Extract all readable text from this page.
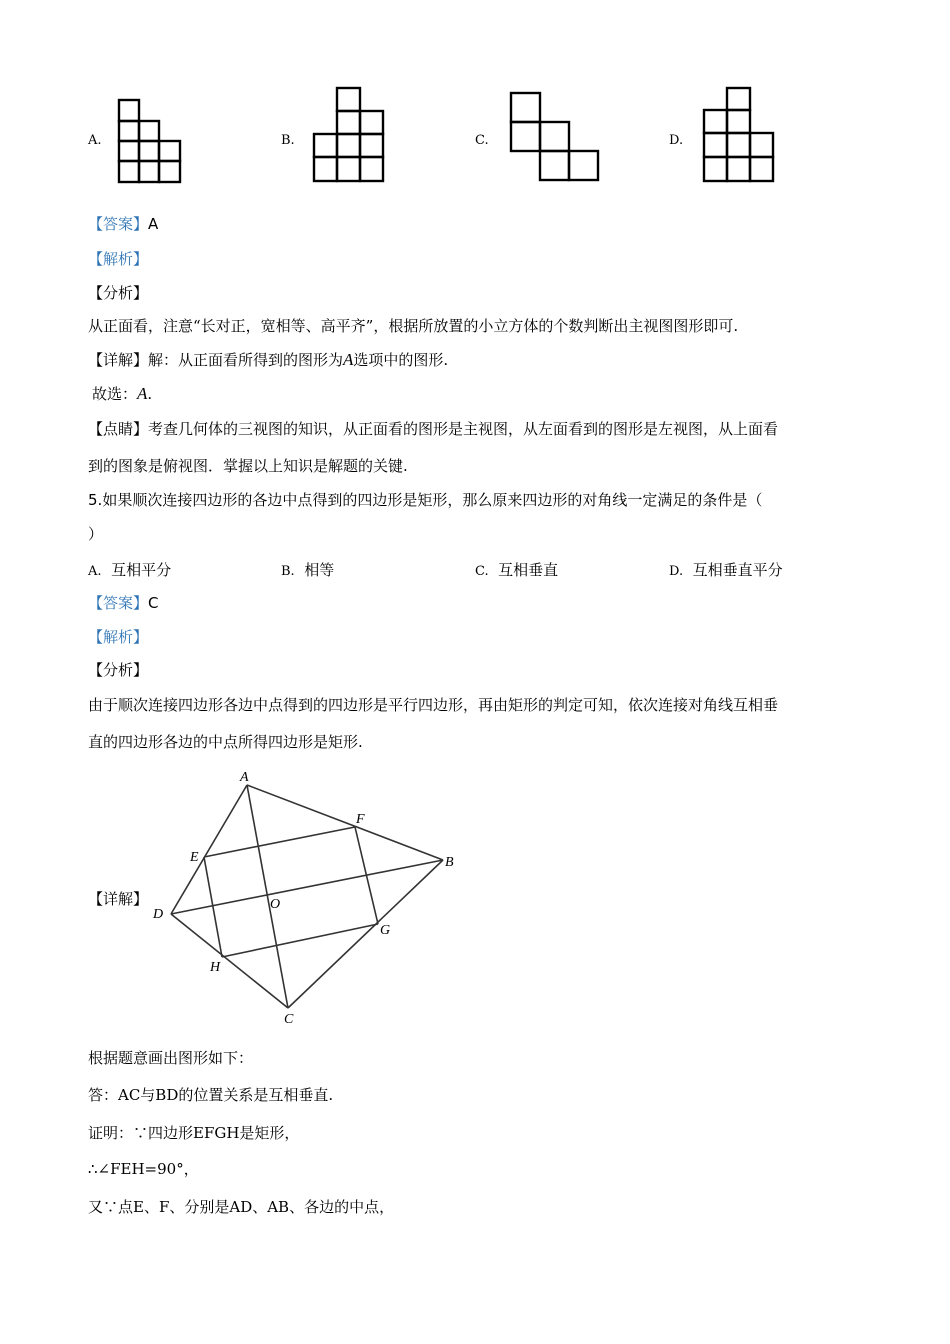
A.	B.	C.	D.
【答案】A
【解析】
【分析】
从正面看，注意“长对正，宽相等、高平齐”，根据所放置的小立方体的个数判断出主视图图形即可.
【详解】解：从正面看所得到的图形为A选项中的图形.
故选：A.
【点睛】考查几何体的三视图的知识，从正面看的图形是主视图，从左面看到的图形是左视图，从上面看
到的图象是俯视图．掌握以上知识是解题的关键.
5.如果顺次连接四边形的各边中点得到的四边形是矩形，那么原来四边形的对角线一定满足的条件是（
）
A. 互相平分	B. 相等	C. 互相垂直	D. 互相垂直平分
【答案】C
【解析】
【分析】
由于顺次连接四边形各边中点得到的四边形是平行四边形，再由矩形的判定可知，依次连接对角线互相垂
直的四边形各边的中点所得四边形是矩形.
【详解】
A
F
E	B
O
D
G
H
C
根据题意画出图形如下：
答：AC与BD的位置关系是互相垂直.
证明：∵四边形EFGH是矩形，
∴∠FEH=90°，
又∵点E、F、分别是AD、AB、各边的中点，
